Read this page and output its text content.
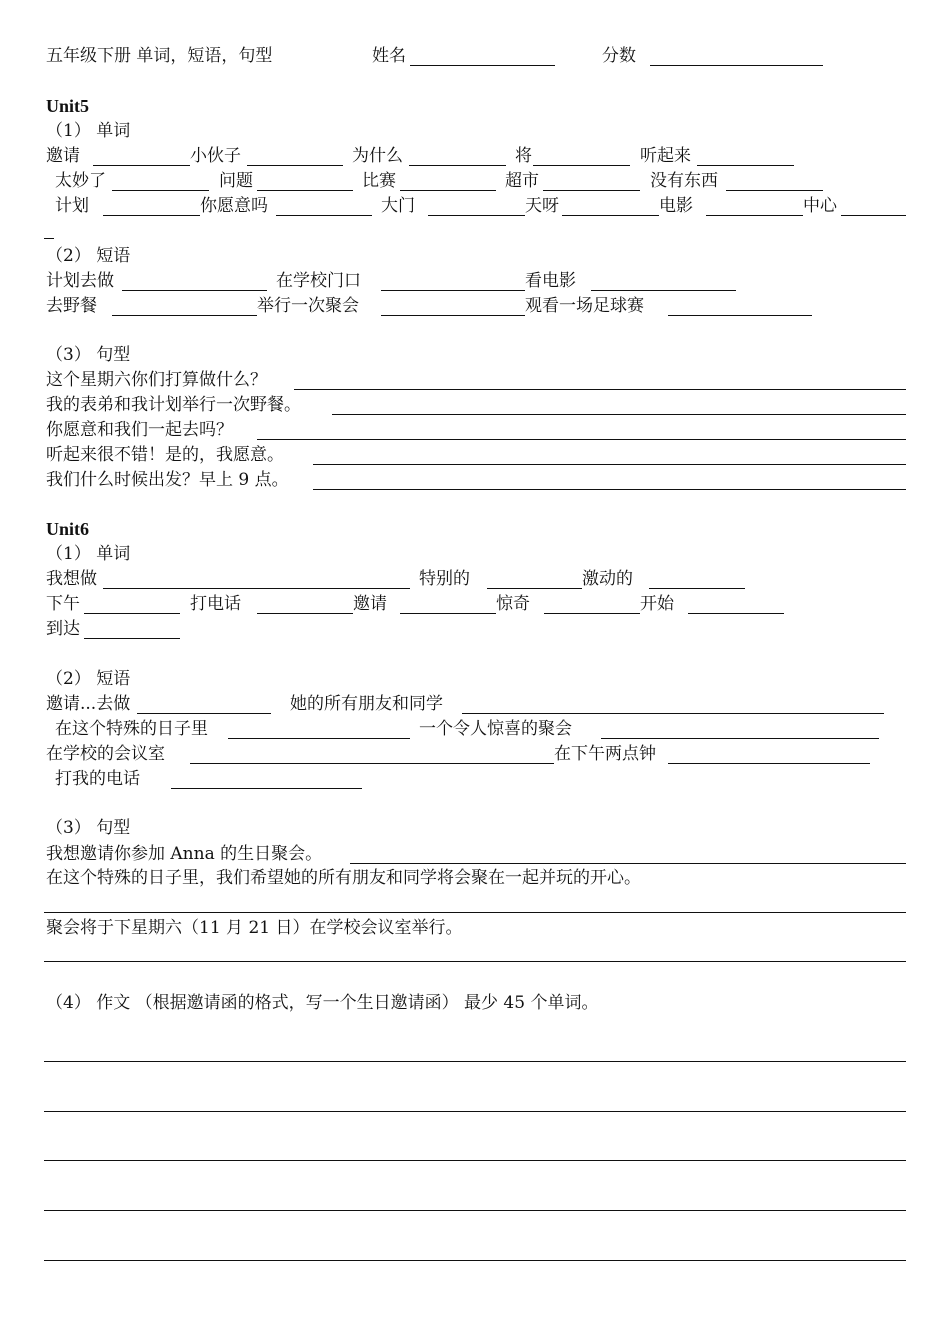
五年级下册 单词，短语，句型	姓名	分数
Unit5
（1） 单词
邀请	小伙子	为什么	将	听起来
太妙了	问题	比赛	超市	没有东西
计划	你愿意吗	大门	天呀	电影	中心
（2） 短语
计划去做	在学校门口	看电影
去野餐	举行一次聚会	观看一场足球赛
（3） 句型
这个星期六你们打算做什么？
我的表弟和我计划举行一次野餐。
你愿意和我们一起去吗？
听起来很不错！是的，我愿意。
我们什么时候出发？早上 9 点。
Unit6
（1） 单词
我想做	特别的	激动的
下午	打电话	邀请	惊奇	开始
到达
（2） 短语
邀请...去做	她的所有朋友和同学
在这个特殊的日子里	一个令人惊喜的聚会
在学校的会议室	在下午两点钟
打我的电话
（3） 句型
我想邀请你参加 Anna 的生日聚会。
在这个特殊的日子里，我们希望她的所有朋友和同学将会聚在一起并玩的开心。
聚会将于下星期六（11 月 21 日）在学校会议室举行。
（4） 作文 （根据邀请函的格式，写一个生日邀请函） 最少 45 个单词。
